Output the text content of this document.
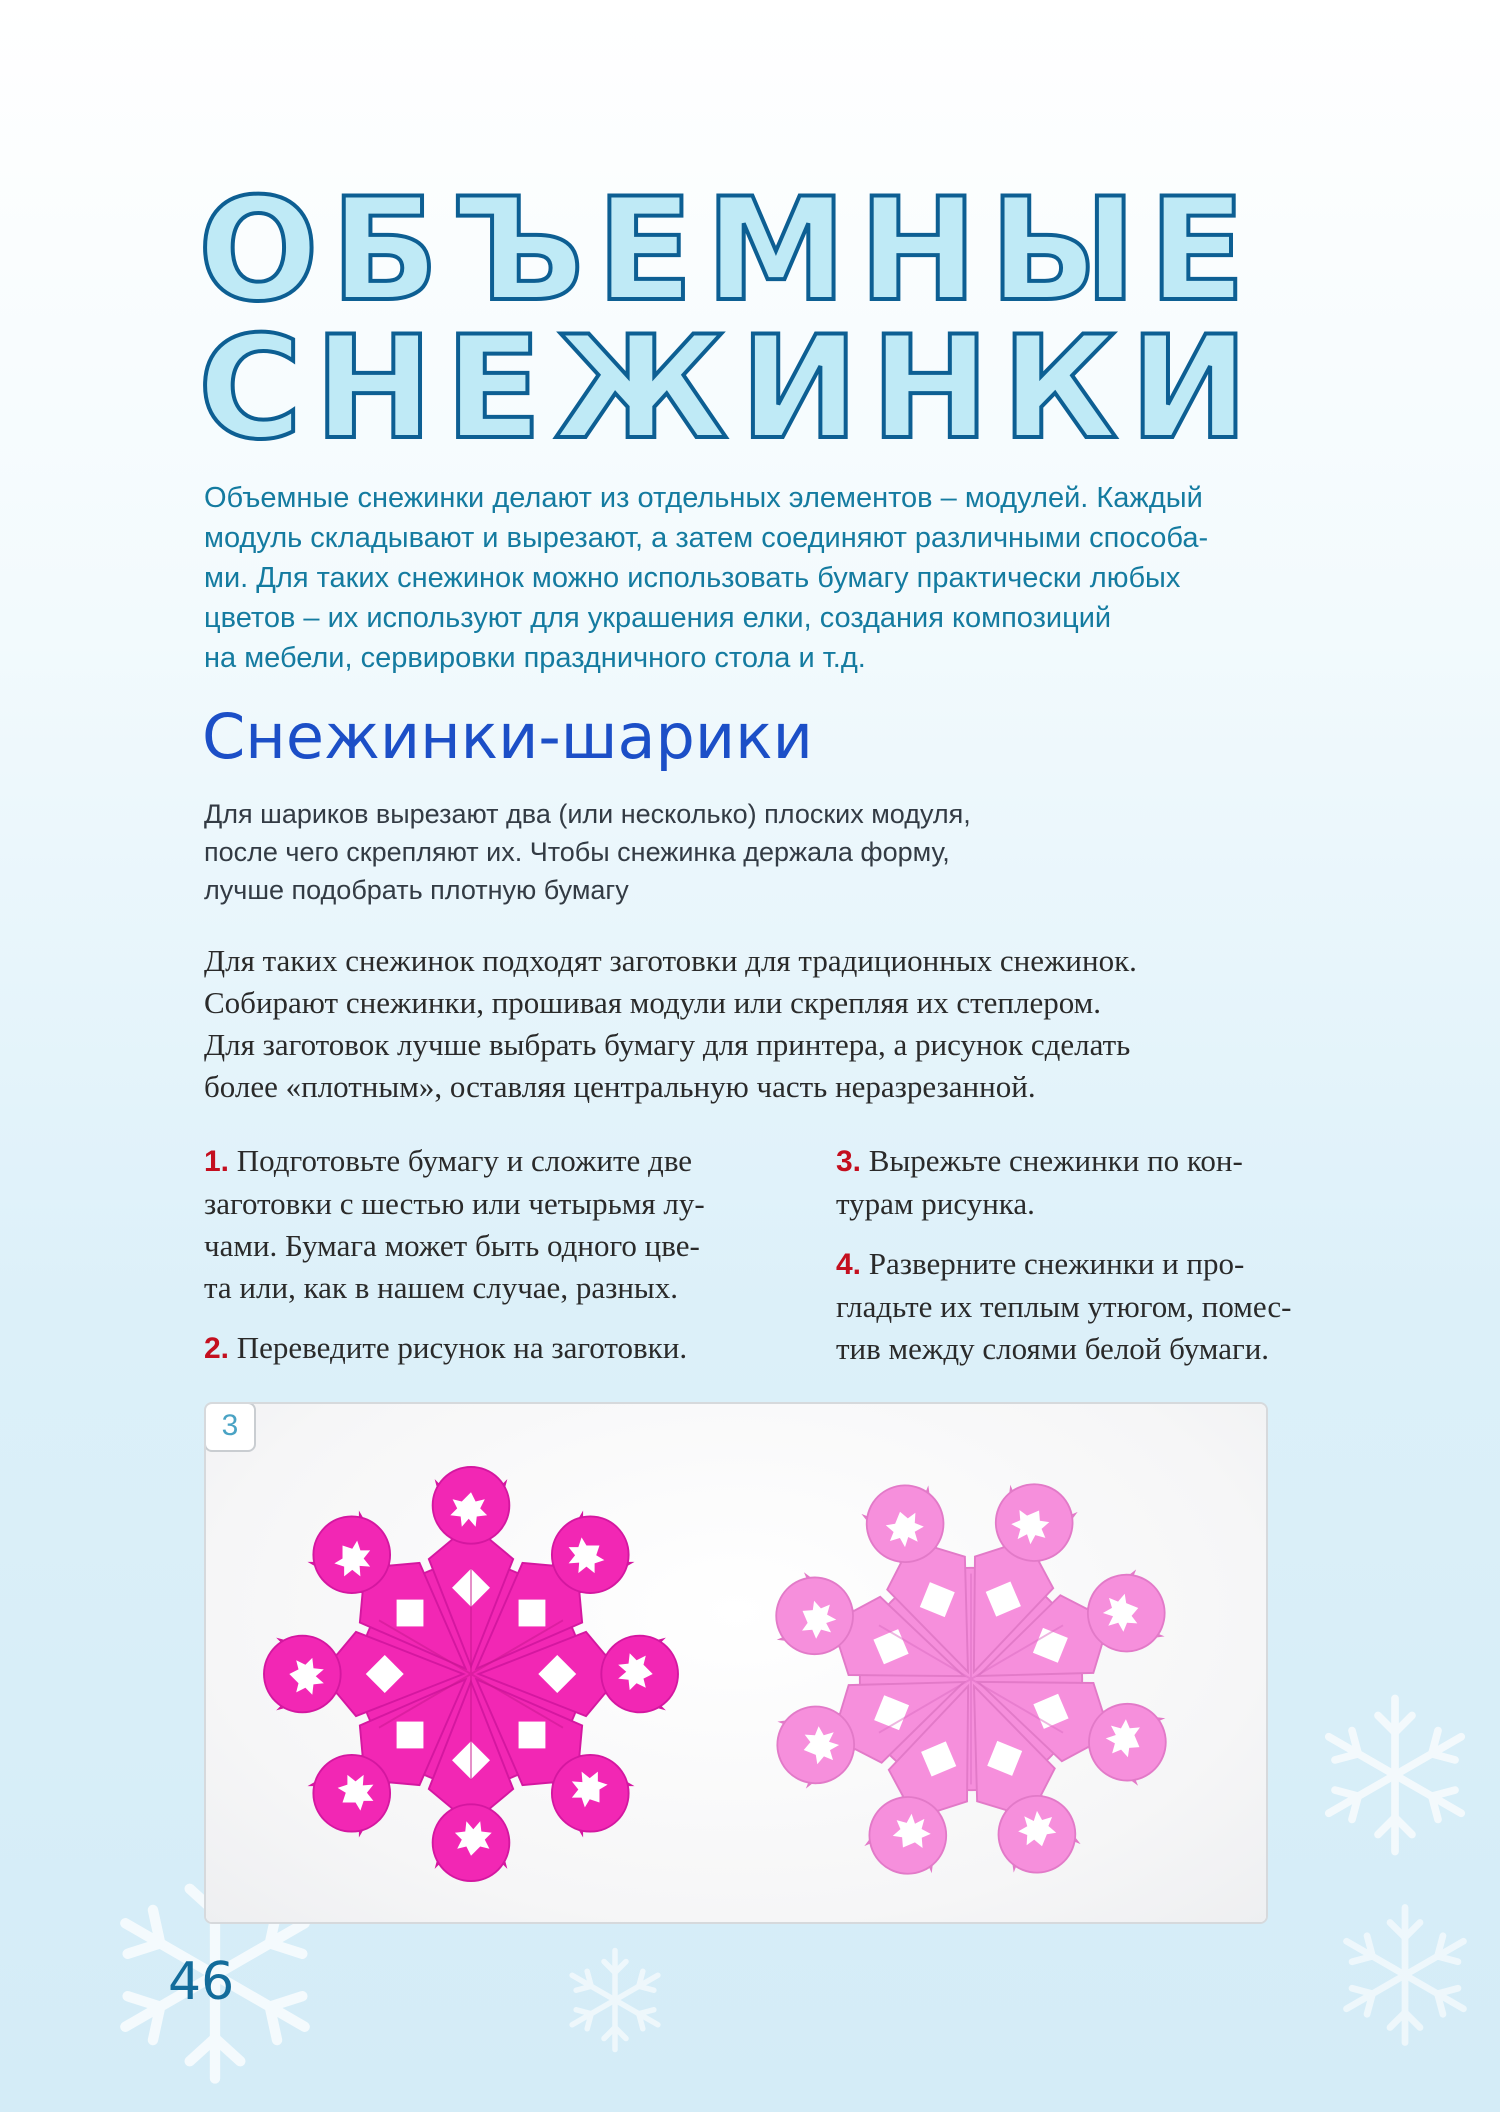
ОБЪЕМНЫЕ
СНЕЖИНКИ

Объемные снежинки делают из отдельных элементов – модулей. Каждый

модуль складывают и вырезают, а затем соединяют различными способа-

ми. Для таких снежинок можно использовать бумагу практически любых

цветов – их используют для украшения елки, создания композиций

на мебели, сервировки праздничного стола и т.д.

Снежинки-шарики

Для шариков вырезают два (или несколько) плоских модуля,

после чего скрепляют их. Чтобы снежинка держала форму,

лучше подобрать плотную бумагу

Для таких снежинок подходят заготовки для традиционных снежинок.

Собирают снежинки, прошивая модули или скрепляя их степлером.

Для заготовок лучше выбрать бумагу для принтера, а рисунок сделать

более «плотным», оставляя центральную часть неразрезанной.

1. Подготовьте бумагу и сложите две

заготовки с шестью или четырьмя лу-

чами. Бумага может быть одного цве-

та или, как в нашем случае, разных.

2. Переведите рисунок на заготовки.

3. Вырежьте снежинки по кон-

турам рисунка.

4. Разверните снежинки и про-

гладьте их теплым утюгом, помес-

тив между слоями белой бумаги.

3
46
